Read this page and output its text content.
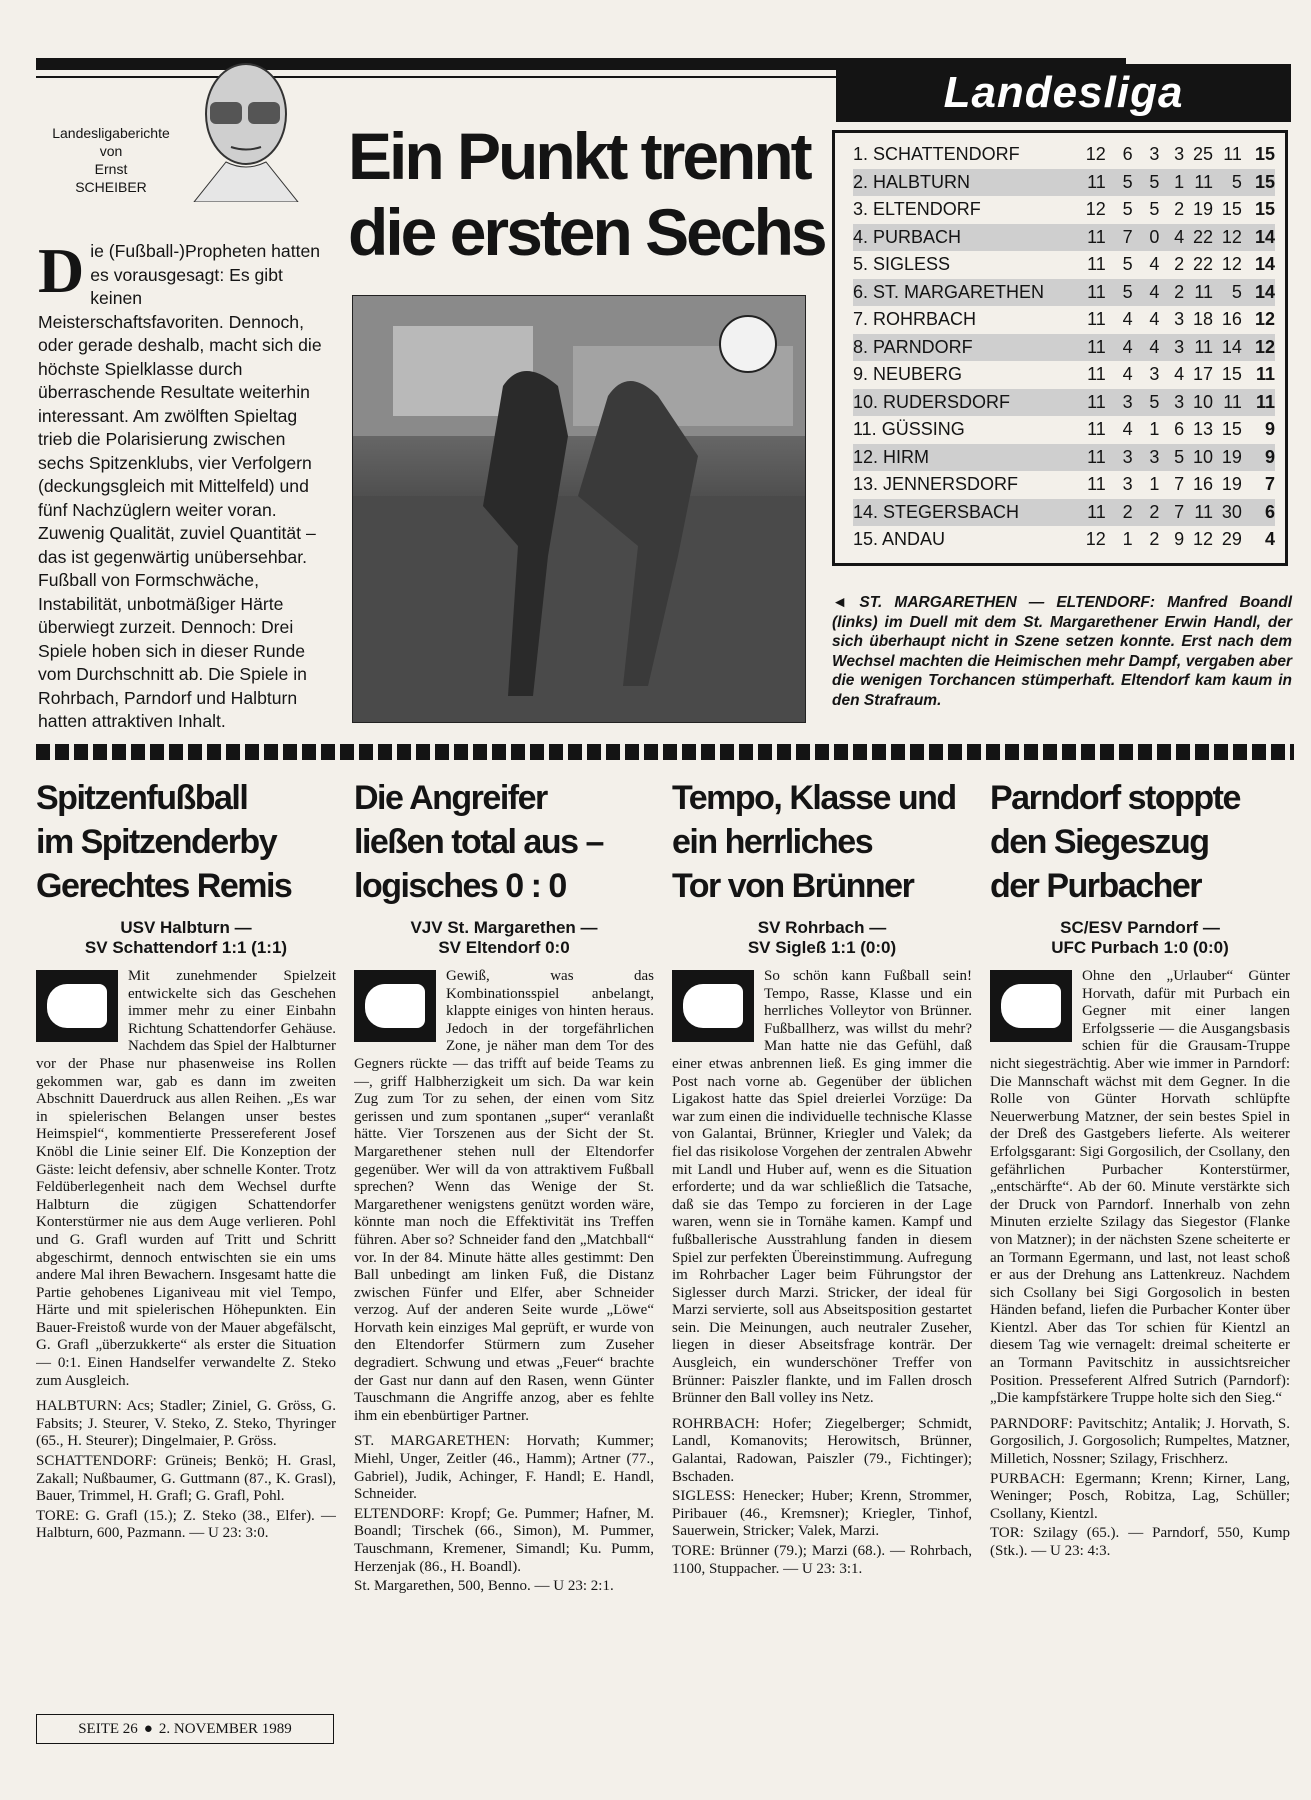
Landesliga
Landesligaberichte
von
Ernst
SCHEIBER	Ein Punkt trennt
die ersten Sechs
Die (Fußball-)Propheten hatten es vorausgesagt: Es gibt keinen Meisterschaftsfavoriten. Dennoch, oder gerade deshalb, macht sich die höchste Spielklasse durch überraschende Resultate weiterhin interessant. Am zwölften Spieltag trieb die Polarisierung zwischen sechs Spitzenklubs, vier Verfolgern (deckungsgleich mit Mittelfeld) und fünf Nachzüglern weiter voran. Zuwenig Qualität, zuviel Quantität – das ist gegenwärtig unübersehbar. Fußball von Formschwäche, Instabilität, unbotmäßiger Härte überwiegt zurzeit. Dennoch: Drei Spiele hoben sich in dieser Runde vom Durchschnitt ab. Die Spiele in Rohrbach, Parndorf und Halbturn hatten attraktiven Inhalt.
1. SCHATTENDORF	12	6	3	3	25	11	15
2. HALBTURN	11	5	5	1	11	5	15
3. ELTENDORF	12	5	5	2	19	15	15
4. PURBACH	11	7	0	4	22	12	14
5. SIGLESS	11	5	4	2	22	12	14
6. ST. MARGARETHEN	11	5	4	2	11	5	14
7. ROHRBACH	11	4	4	3	18	16	12
8. PARNDORF	11	4	4	3	11	14	12
9. NEUBERG	11	4	3	4	17	15	11
10. RUDERSDORF	11	3	5	3	10	11	11
11. GÜSSING	11	4	1	6	13	15	9
12. HIRM	11	3	3	5	10	19	9
13. JENNERSDORF	11	3	1	7	16	19	7
14. STEGERSBACH	11	2	2	7	11	30	6
15. ANDAU	12	1	2	9	12	29	4
◄ ST. MARGARETHEN — ELTENDORF: Manfred Boandl (links) im Duell mit dem St. Margarethener Erwin Handl, der sich überhaupt nicht in Szene setzen konnte. Erst nach dem Wechsel machten die Heimischen mehr Dampf, vergaben aber die wenigen Torchancen stümperhaft. Eltendorf kam kaum in den Strafraum.
Spitzenfußball
im Spitzenderby
Gerechtes Remis
USV Halbturn —
SV Schattendorf 1:1 (1:1)
Mit zunehmender Spielzeit entwickelte sich das Geschehen immer mehr zu einer Einbahn Richtung Schattendorfer Gehäuse. Nachdem das Spiel der Halbturner vor der Phase nur phasenweise ins Rollen gekommen war, gab es dann im zweiten Abschnitt Dauerdruck aus allen Reihen. „Es war in spielerischen Belangen unser bestes Heimspiel“, kommentierte Pressereferent Josef Knöbl die Linie seiner Elf. Die Konzeption der Gäste: leicht defensiv, aber schnelle Konter. Trotz Feldüberlegenheit nach dem Wechsel durfte Halbturn die zügigen Schattendorfer Konterstürmer nie aus dem Auge verlieren. Pohl und G. Grafl wurden auf Tritt und Schritt abgeschirmt, dennoch entwischten sie ein ums andere Mal ihren Bewachern. Insgesamt hatte die Partie gehobenes Liganiveau mit viel Tempo, Härte und mit spielerischen Höhepunkten. Ein Bauer-Freistoß wurde von der Mauer abgefälscht, G. Grafl „überzukkerte“ als erster die Situation — 0:1. Einen Handselfer verwandelte Z. Steko zum Ausgleich.

HALBTURN: Acs; Stadler; Ziniel, G. Gröss, G. Fabsits; J. Steurer, V. Steko, Z. Steko, Thyringer (65., H. Steurer); Dingelmaier, P. Gröss.

SCHATTENDORF: Grüneis; Benkö; H. Grasl, Zakall; Nußbaumer, G. Guttmann (87., K. Grasl), Bauer, Trimmel, H. Grafl; G. Grafl, Pohl.

TORE: G. Grafl (15.); Z. Steko (38., Elfer). — Halbturn, 600, Pazmann. — U 23: 3:0.

Die Angreifer
ließen total aus –
logisches 0 : 0
VJV St. Margarethen —
SV Eltendorf 0:0
Gewiß, was das Kombinationsspiel anbelangt, klappte einiges von hinten heraus. Jedoch in der torgefährlichen Zone, je näher man dem Tor des Gegners rückte — das trifft auf beide Teams zu —, griff Halbherzigkeit um sich. Da war kein Zug zum Tor zu sehen, der einen vom Sitz gerissen und zum spontanen „super“ veranlaßt hätte. Vier Torszenen aus der Sicht der St. Margarethener stehen null der Eltendorfer gegenüber. Wer will da von attraktivem Fußball sprechen? Wenn das Wenige der St. Margarethener wenigstens genützt worden wäre, könnte man noch die Effektivität ins Treffen führen. Aber so? Schneider fand den „Matchball“ vor. In der 84. Minute hätte alles gestimmt: Den Ball unbedingt am linken Fuß, die Distanz zwischen Fünfer und Elfer, aber Schneider verzog. Auf der anderen Seite wurde „Löwe“ Horvath kein einziges Mal geprüft, er wurde von den Eltendorfer Stürmern zum Zuseher degradiert. Schwung und etwas „Feuer“ brachte der Gast nur dann auf den Rasen, wenn Günter Tauschmann die Angriffe anzog, aber es fehlte ihm ein ebenbürtiger Partner.

ST. MARGARETHEN: Horvath; Kummer; Miehl, Unger, Zeitler (46., Hamm); Artner (77., Gabriel), Judik, Achinger, F. Handl; E. Handl, Schneider.

ELTENDORF: Kropf; Ge. Pummer; Hafner, M. Boandl; Tirschek (66., Simon), M. Pummer, Tauschmann, Kremener, Simandl; Ku. Pumm, Herzenjak (86., H. Boandl).

St. Margarethen, 500, Benno. — U 23: 2:1.

Tempo, Klasse und
ein herrliches
Tor von Brünner
SV Rohrbach —
SV Sigleß 1:1 (0:0)
So schön kann Fußball sein! Tempo, Rasse, Klasse und ein herrliches Volleytor von Brünner. Fußballherz, was willst du mehr? Man hatte nie das Gefühl, daß einer etwas anbrennen ließ. Es ging immer die Post nach vorne ab. Gegenüber der üblichen Ligakost hatte das Spiel dreierlei Vorzüge: Da war zum einen die individuelle technische Klasse von Galantai, Brünner, Kriegler und Valek; da fiel das risikolose Vorgehen der zentralen Abwehr mit Landl und Huber auf, wenn es die Situation erforderte; und da war schließlich die Tatsache, daß sie das Tempo zu forcieren in der Lage waren, wenn sie in Tornähe kamen. Kampf und fußballerische Ausstrahlung fanden in diesem Spiel zur perfekten Übereinstimmung. Aufregung im Rohrbacher Lager beim Führungstor der Siglesser durch Marzi. Stricker, der ideal für Marzi servierte, soll aus Abseitsposition gestartet sein. Die Meinungen, auch neutraler Zuseher, liegen in dieser Abseitsfrage konträr. Der Ausgleich, ein wunderschöner Treffer von Brünner: Paiszler flankte, und im Fallen drosch Brünner den Ball volley ins Netz.

ROHRBACH: Hofer; Ziegelberger; Schmidt, Landl, Komanovits; Herowitsch, Brünner, Galantai, Radowan, Paiszler (79., Fichtinger); Bschaden.

SIGLESS: Henecker; Huber; Krenn, Strommer, Piribauer (46., Kremsner); Kriegler, Tinhof, Sauerwein, Stricker; Valek, Marzi.

TORE: Brünner (79.); Marzi (68.). — Rohrbach, 1100, Stuppacher. — U 23: 3:1.

Parndorf stoppte
den Siegeszug
der Purbacher
SC/ESV Parndorf —
UFC Purbach 1:0 (0:0)
Ohne den „Urlauber“ Günter Horvath, dafür mit Purbach ein Gegner mit einer langen Erfolgsserie — die Ausgangsbasis schien für die Grausam-Truppe nicht siegesträchtig. Aber wie immer in Parndorf: Die Mannschaft wächst mit dem Gegner. In die Rolle von Günter Horvath schlüpfte Neuerwerbung Matzner, der sein bestes Spiel in der Dreß des Gastgebers lieferte. Als weiterer Erfolgsgarant: Sigi Gorgosilich, der Csollany, den gefährlichen Purbacher Konterstürmer, „entschärfte“. Ab der 60. Minute verstärkte sich der Druck von Parndorf. Innerhalb von zehn Minuten erzielte Szilagy das Siegestor (Flanke von Matzner); in der nächsten Szene scheiterte er an Tormann Egermann, und last, not least schoß er aus der Drehung ans Lattenkreuz. Nachdem sich Csollany bei Sigi Gorgosolich in besten Händen befand, liefen die Purbacher Konter über Kientzl. Aber das Tor schien für Kientzl an diesem Tag wie vernagelt: dreimal scheiterte er an Tormann Pavitschitz in aussichtsreicher Position. Presseferent Alfred Sutrich (Parndorf): „Die kampfstärkere Truppe holte sich den Sieg.“

PARNDORF: Pavitschitz; Antalik; J. Horvath, S. Gorgosilich, J. Gorgosolich; Rumpeltes, Matzner, Milletich, Nossner; Szilagy, Frischherz.

PURBACH: Egermann; Krenn; Kirner, Lang, Weninger; Posch, Robitza, Lag, Schüller; Csollany, Kientzl.

TOR: Szilagy (65.). — Parndorf, 550, Kump (Stk.). — U 23: 4:3.

SEITE 26 ● 2. NOVEMBER 1989
